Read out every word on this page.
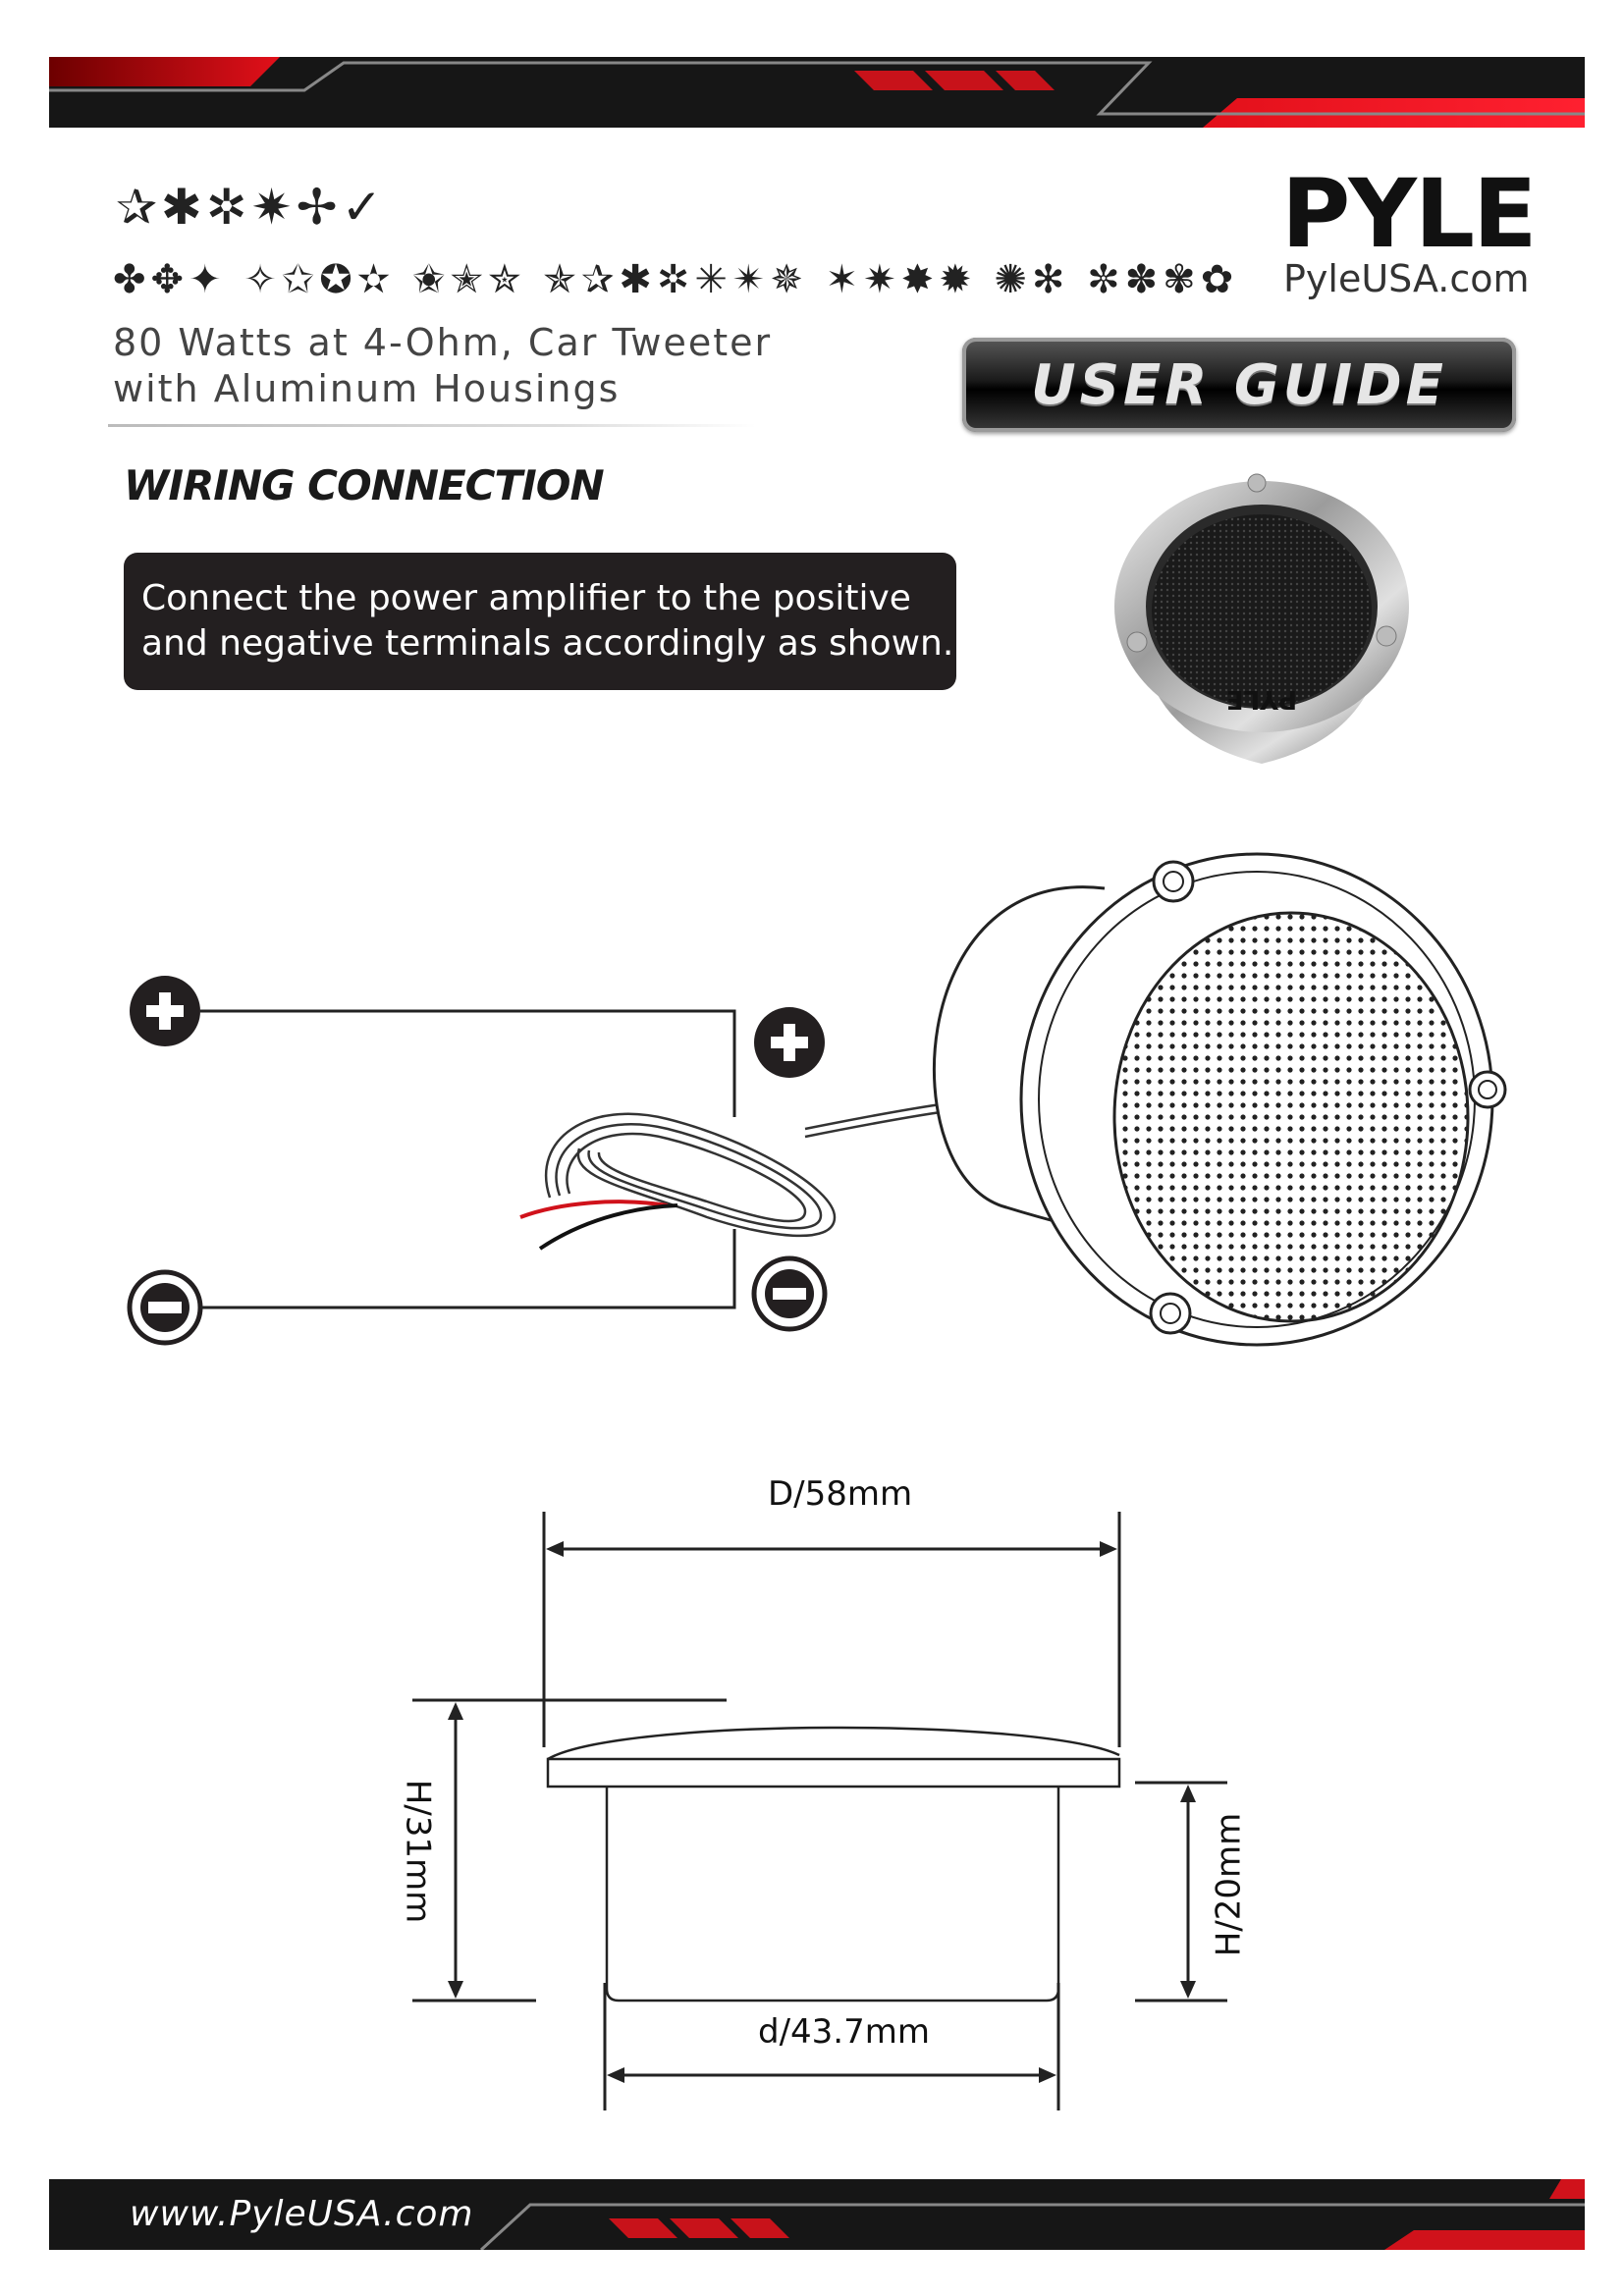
✰✱✲✷✢✓
✤✥✦ ✧✩✪✫ ✬✭✮ ✯✰✱✲✳✴✵ ✶✷✸✹ ✺✻ ✼✽✾✿
80 Watts at 4-Ohm, Car Tweeter
with Aluminum Housings
PYLE
PyleUSA.com
USER GUIDE
WIRING CONNECTION
Connect the power amplifier to the positive
and negative terminals accordingly as shown.
PYLE
D/58mm
d/43.7mm
H/31mm	H/20mm
www.PyleUSA.com
